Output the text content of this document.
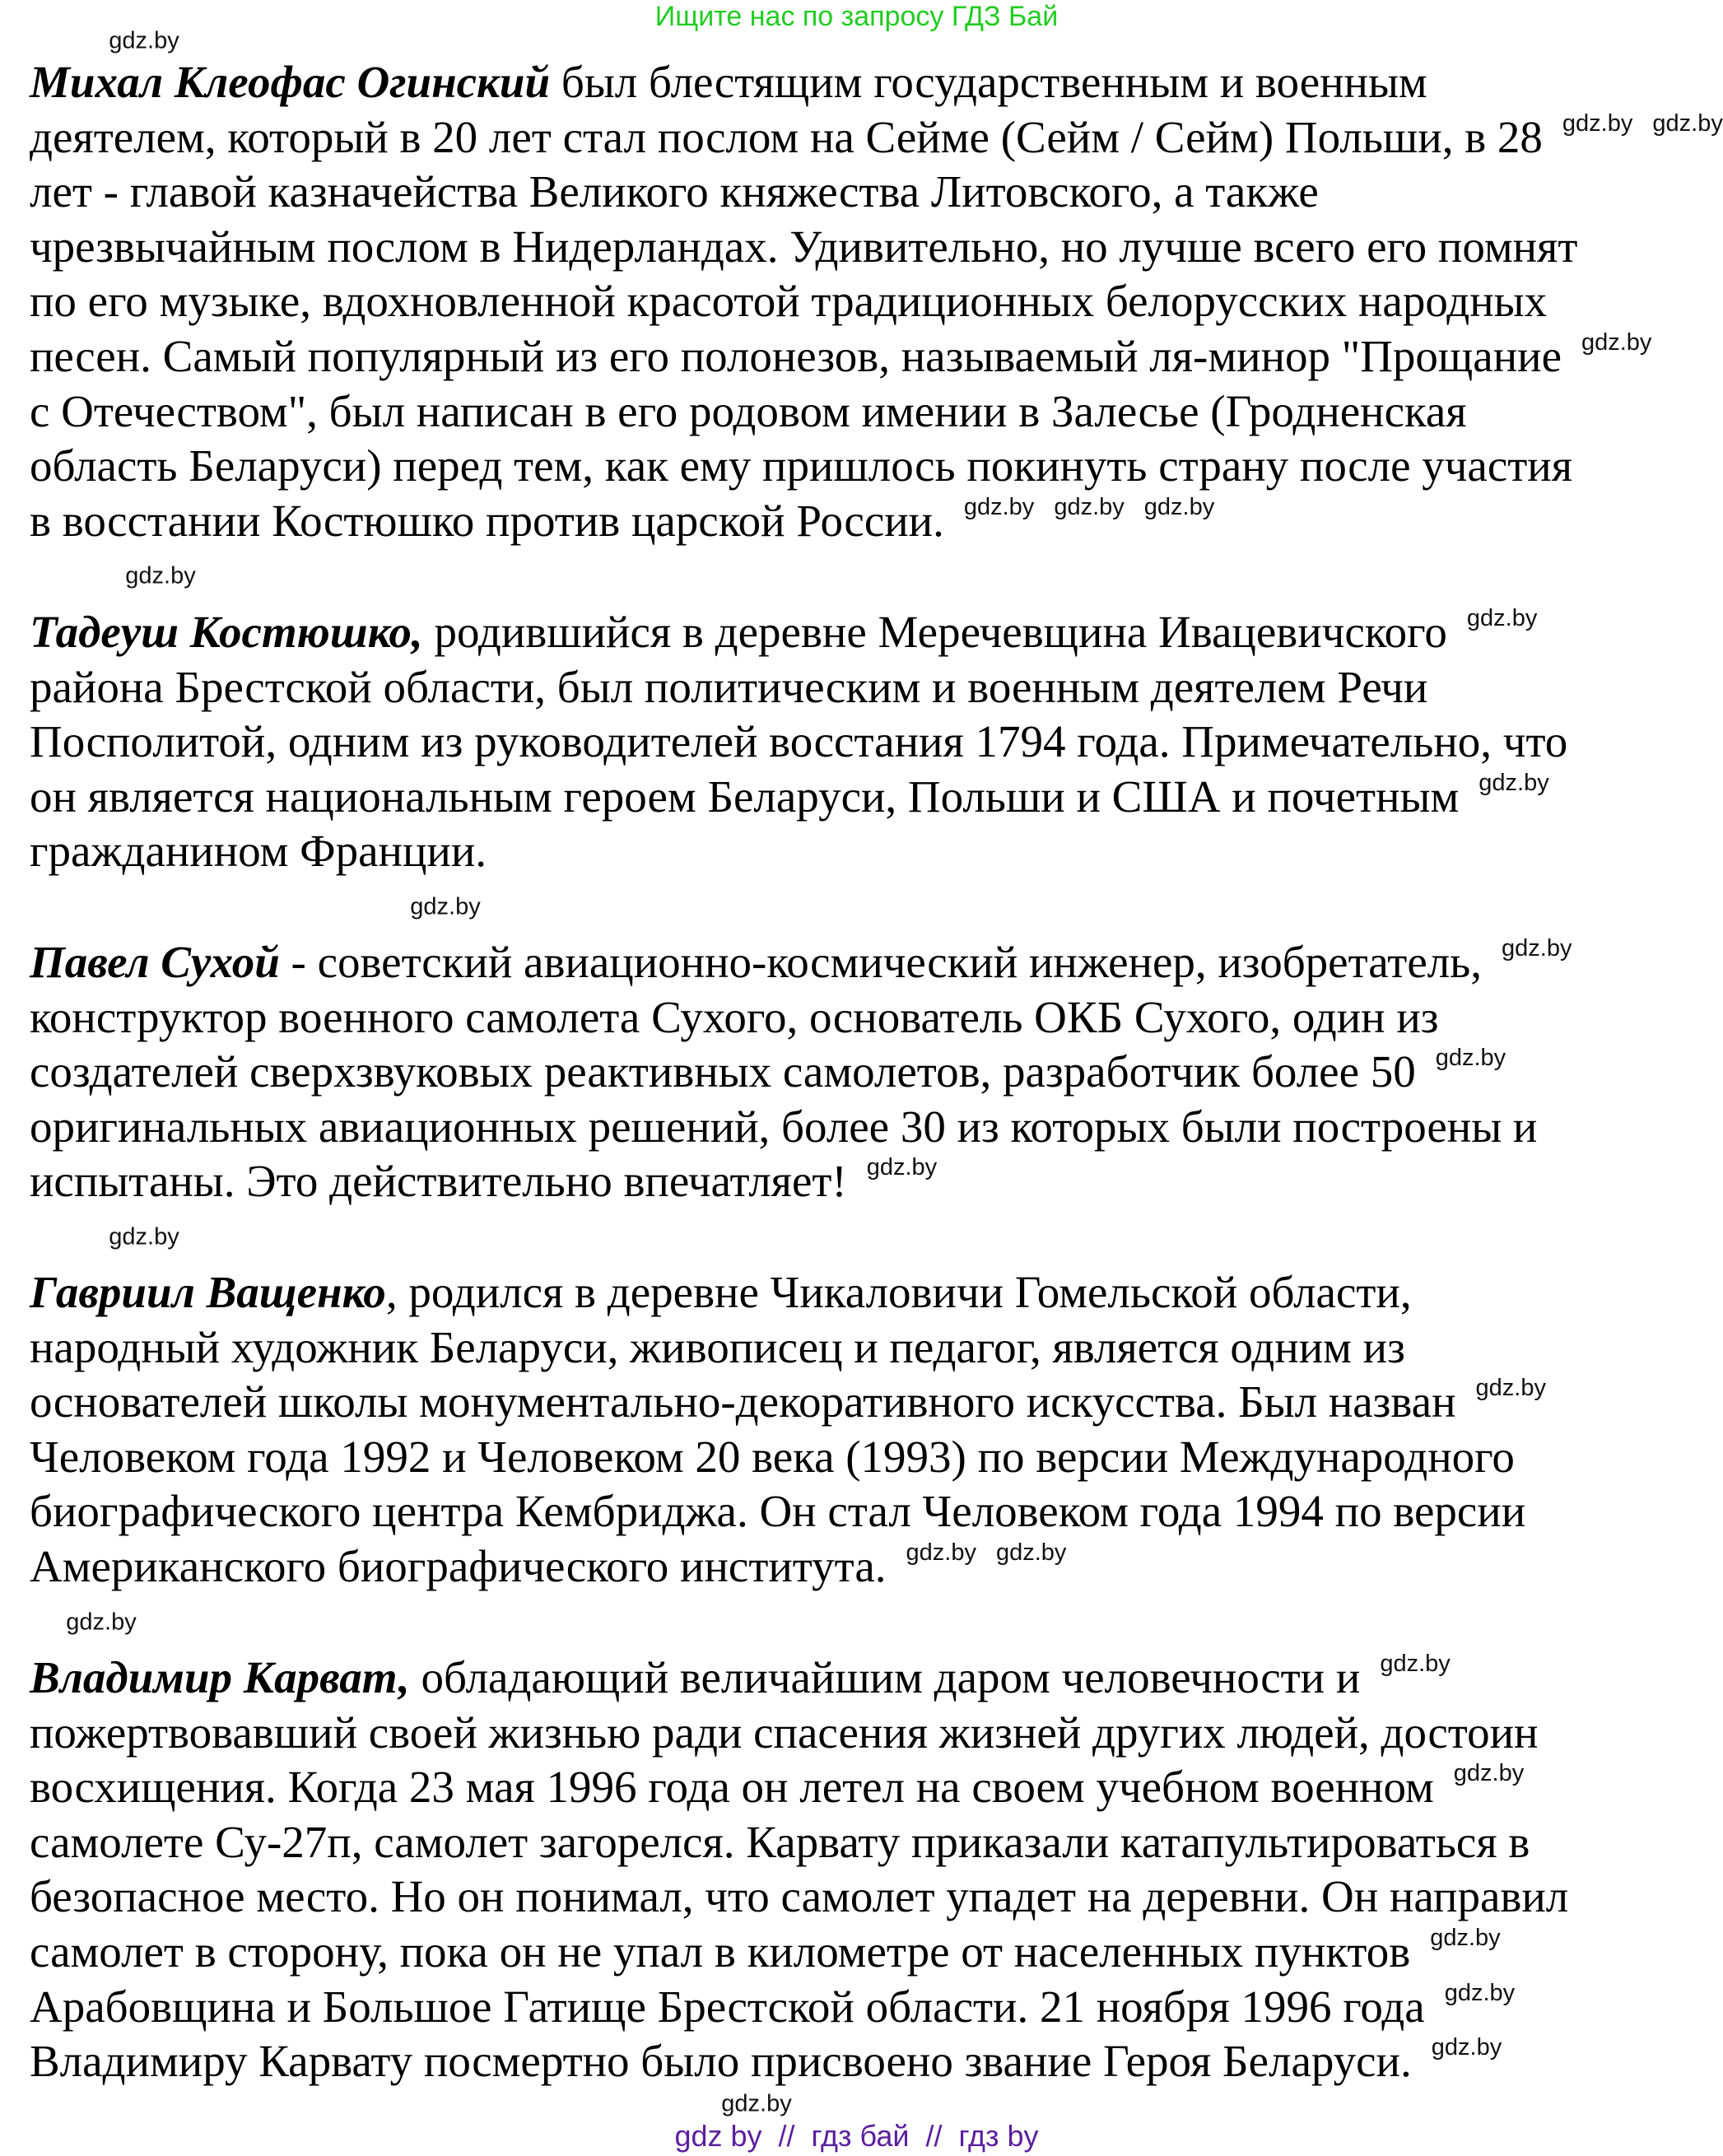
Ищите нас по запросу ГДЗ Бай
Михал Клеофас Огинский был блестящим государственным и военным
деятелем, который в 20 лет стал послом на Сейме (Сейм / Сейм) Польши, в 28 gdz.by gdz.by
лет - главой казначейства Великого княжества Литовского, а также
чрезвычайным послом в Нидерландах. Удивительно, но лучше всего его помнят
по его музыке, вдохновленной красотой традиционных белорусских народных
песен. Самый популярный из его полонезов, называемый ля-минор "Прощание gdz.by
с Отечеством", был написан в его родовом имении в Залесье (Гродненская
область Беларуси) перед тем, как ему пришлось покинуть страну после участия
в восстании Костюшко против царской России. gdz.by gdz.by gdz.by
Тадеуш Костюшко, родившийся в деревне Меречевщина Ивацевичского gdz.by
района Брестской области, был политическим и военным деятелем Речи
Посполитой, одним из руководителей восстания 1794 года. Примечательно, что
он является национальным героем Беларуси, Польши и США и почетным gdz.by
гражданином Франции.
Павел Сухой - советский авиационно-космический инженер, изобретатель, gdz.by
конструктор военного самолета Сухого, основатель ОКБ Сухого, один из
создателей сверхзвуковых реактивных самолетов, разработчик более 50 gdz.by
оригинальных авиационных решений, более 30 из которых были построены и
испытаны. Это действительно впечатляет! gdz.by
Гавриил Ващенко, родился в деревне Чикаловичи Гомельской области,
народный художник Беларуси, живописец и педагог, является одним из
основателей школы монументально-декоративного искусства. Был назван gdz.by
Человеком года 1992 и Человеком 20 века (1993) по версии Международного
биографического центра Кембриджа. Он стал Человеком года 1994 по версии
Американского биографического института. gdz.by gdz.by
Владимир Карват, обладающий величайшим даром человечности и gdz.by
пожертвовавший своей жизнью ради спасения жизней других людей, достоин
восхищения. Когда 23 мая 1996 года он летел на своем учебном военном gdz.by
самолете Су-27п, самолет загорелся. Карвату приказали катапультироваться в
безопасное место. Но он понимал, что самолет упадет на деревни. Он направил
самолет в сторону, пока он не упал в километре от населенных пунктов gdz.by
Арабовщина и Большое Гатище Брестской области. 21 ноября 1996 года gdz.by
Владимиру Карвату посмертно было присвоено звание Героя Беларуси. gdz.by
gdz.by
gdz.by
gdz.by
gdz.by
gdz.by
gdz.by
gdz by  //  гдз бай  //  гдз by
